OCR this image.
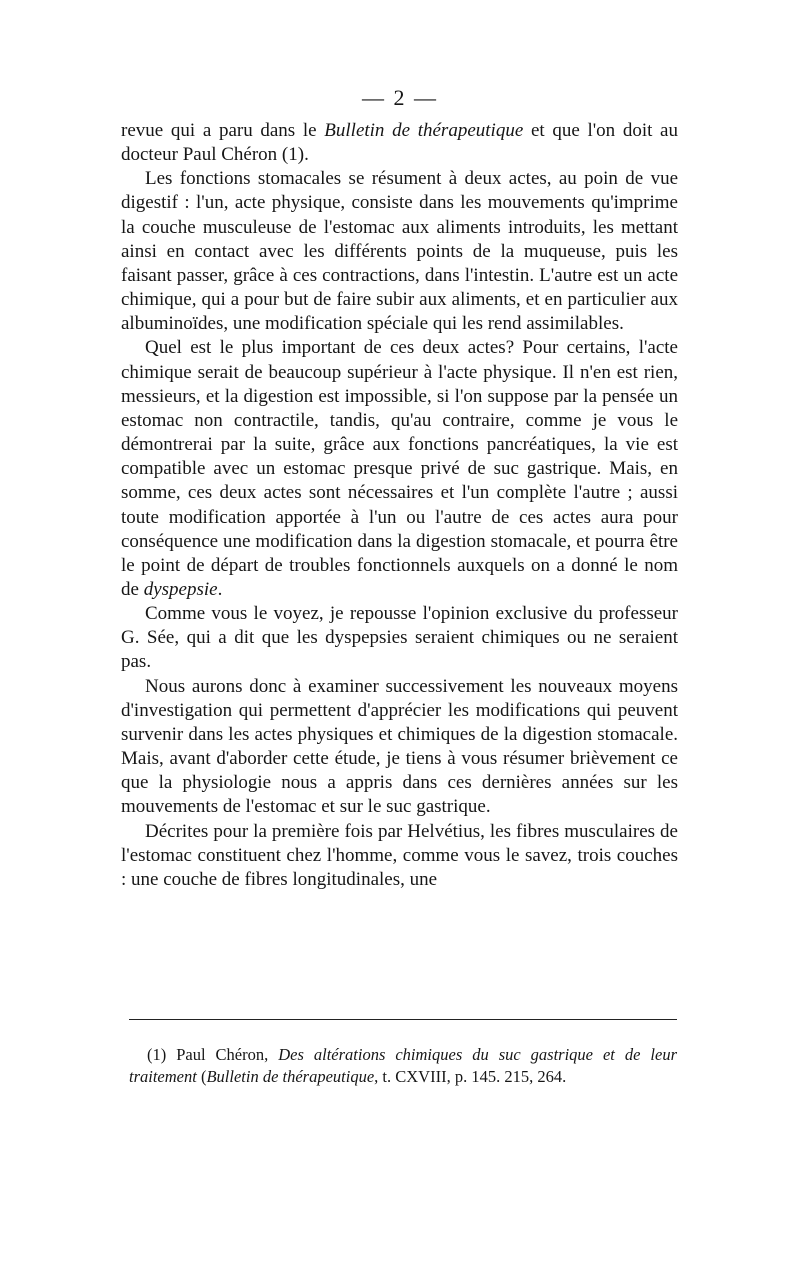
— 2 —

revue qui a paru dans le Bulletin de thérapeutique et que l'on doit au docteur Paul Chéron (1).

Les fonctions stomacales se résument à deux actes, au poin de vue digestif : l'un, acte physique, consiste dans les mouvements qu'imprime la couche musculeuse de l'estomac aux aliments introduits, les mettant ainsi en contact avec les différents points de la muqueuse, puis les faisant passer, grâce à ces contractions, dans l'intestin. L'autre est un acte chimique, qui a pour but de faire subir aux aliments, et en particulier aux albuminoïdes, une modification spéciale qui les rend assimilables.

Quel est le plus important de ces deux actes? Pour certains, l'acte chimique serait de beaucoup supérieur à l'acte physique. Il n'en est rien, messieurs, et la digestion est impossible, si l'on suppose par la pensée un estomac non contractile, tandis, qu'au contraire, comme je vous le démontrerai par la suite, grâce aux fonctions pancréatiques, la vie est compatible avec un estomac presque privé de suc gastrique. Mais, en somme, ces deux actes sont nécessaires et l'un complète l'autre ; aussi toute modification apportée à l'un ou l'autre de ces actes aura pour conséquence une modification dans la digestion stomacale, et pourra être le point de départ de troubles fonctionnels auxquels on a donné le nom de dyspepsie.

Comme vous le voyez, je repousse l'opinion exclusive du professeur G. Sée, qui a dit que les dyspepsies seraient chimiques ou ne seraient pas.

Nous aurons donc à examiner successivement les nouveaux moyens d'investigation qui permettent d'apprécier les modifications qui peuvent survenir dans les actes physiques et chimiques de la digestion stomacale. Mais, avant d'aborder cette étude, je tiens à vous résumer brièvement ce que la physiologie nous a appris dans ces dernières années sur les mouvements de l'estomac et sur le suc gastrique.

Décrites pour la première fois par Helvétius, les fibres musculaires de l'estomac constituent chez l'homme, comme vous le savez, trois couches : une couche de fibres longitudinales, une

(1) Paul Chéron, Des altérations chimiques du suc gastrique et de leur traitement (Bulletin de thérapeutique, t. CXVIII, p. 145. 215, 264.
